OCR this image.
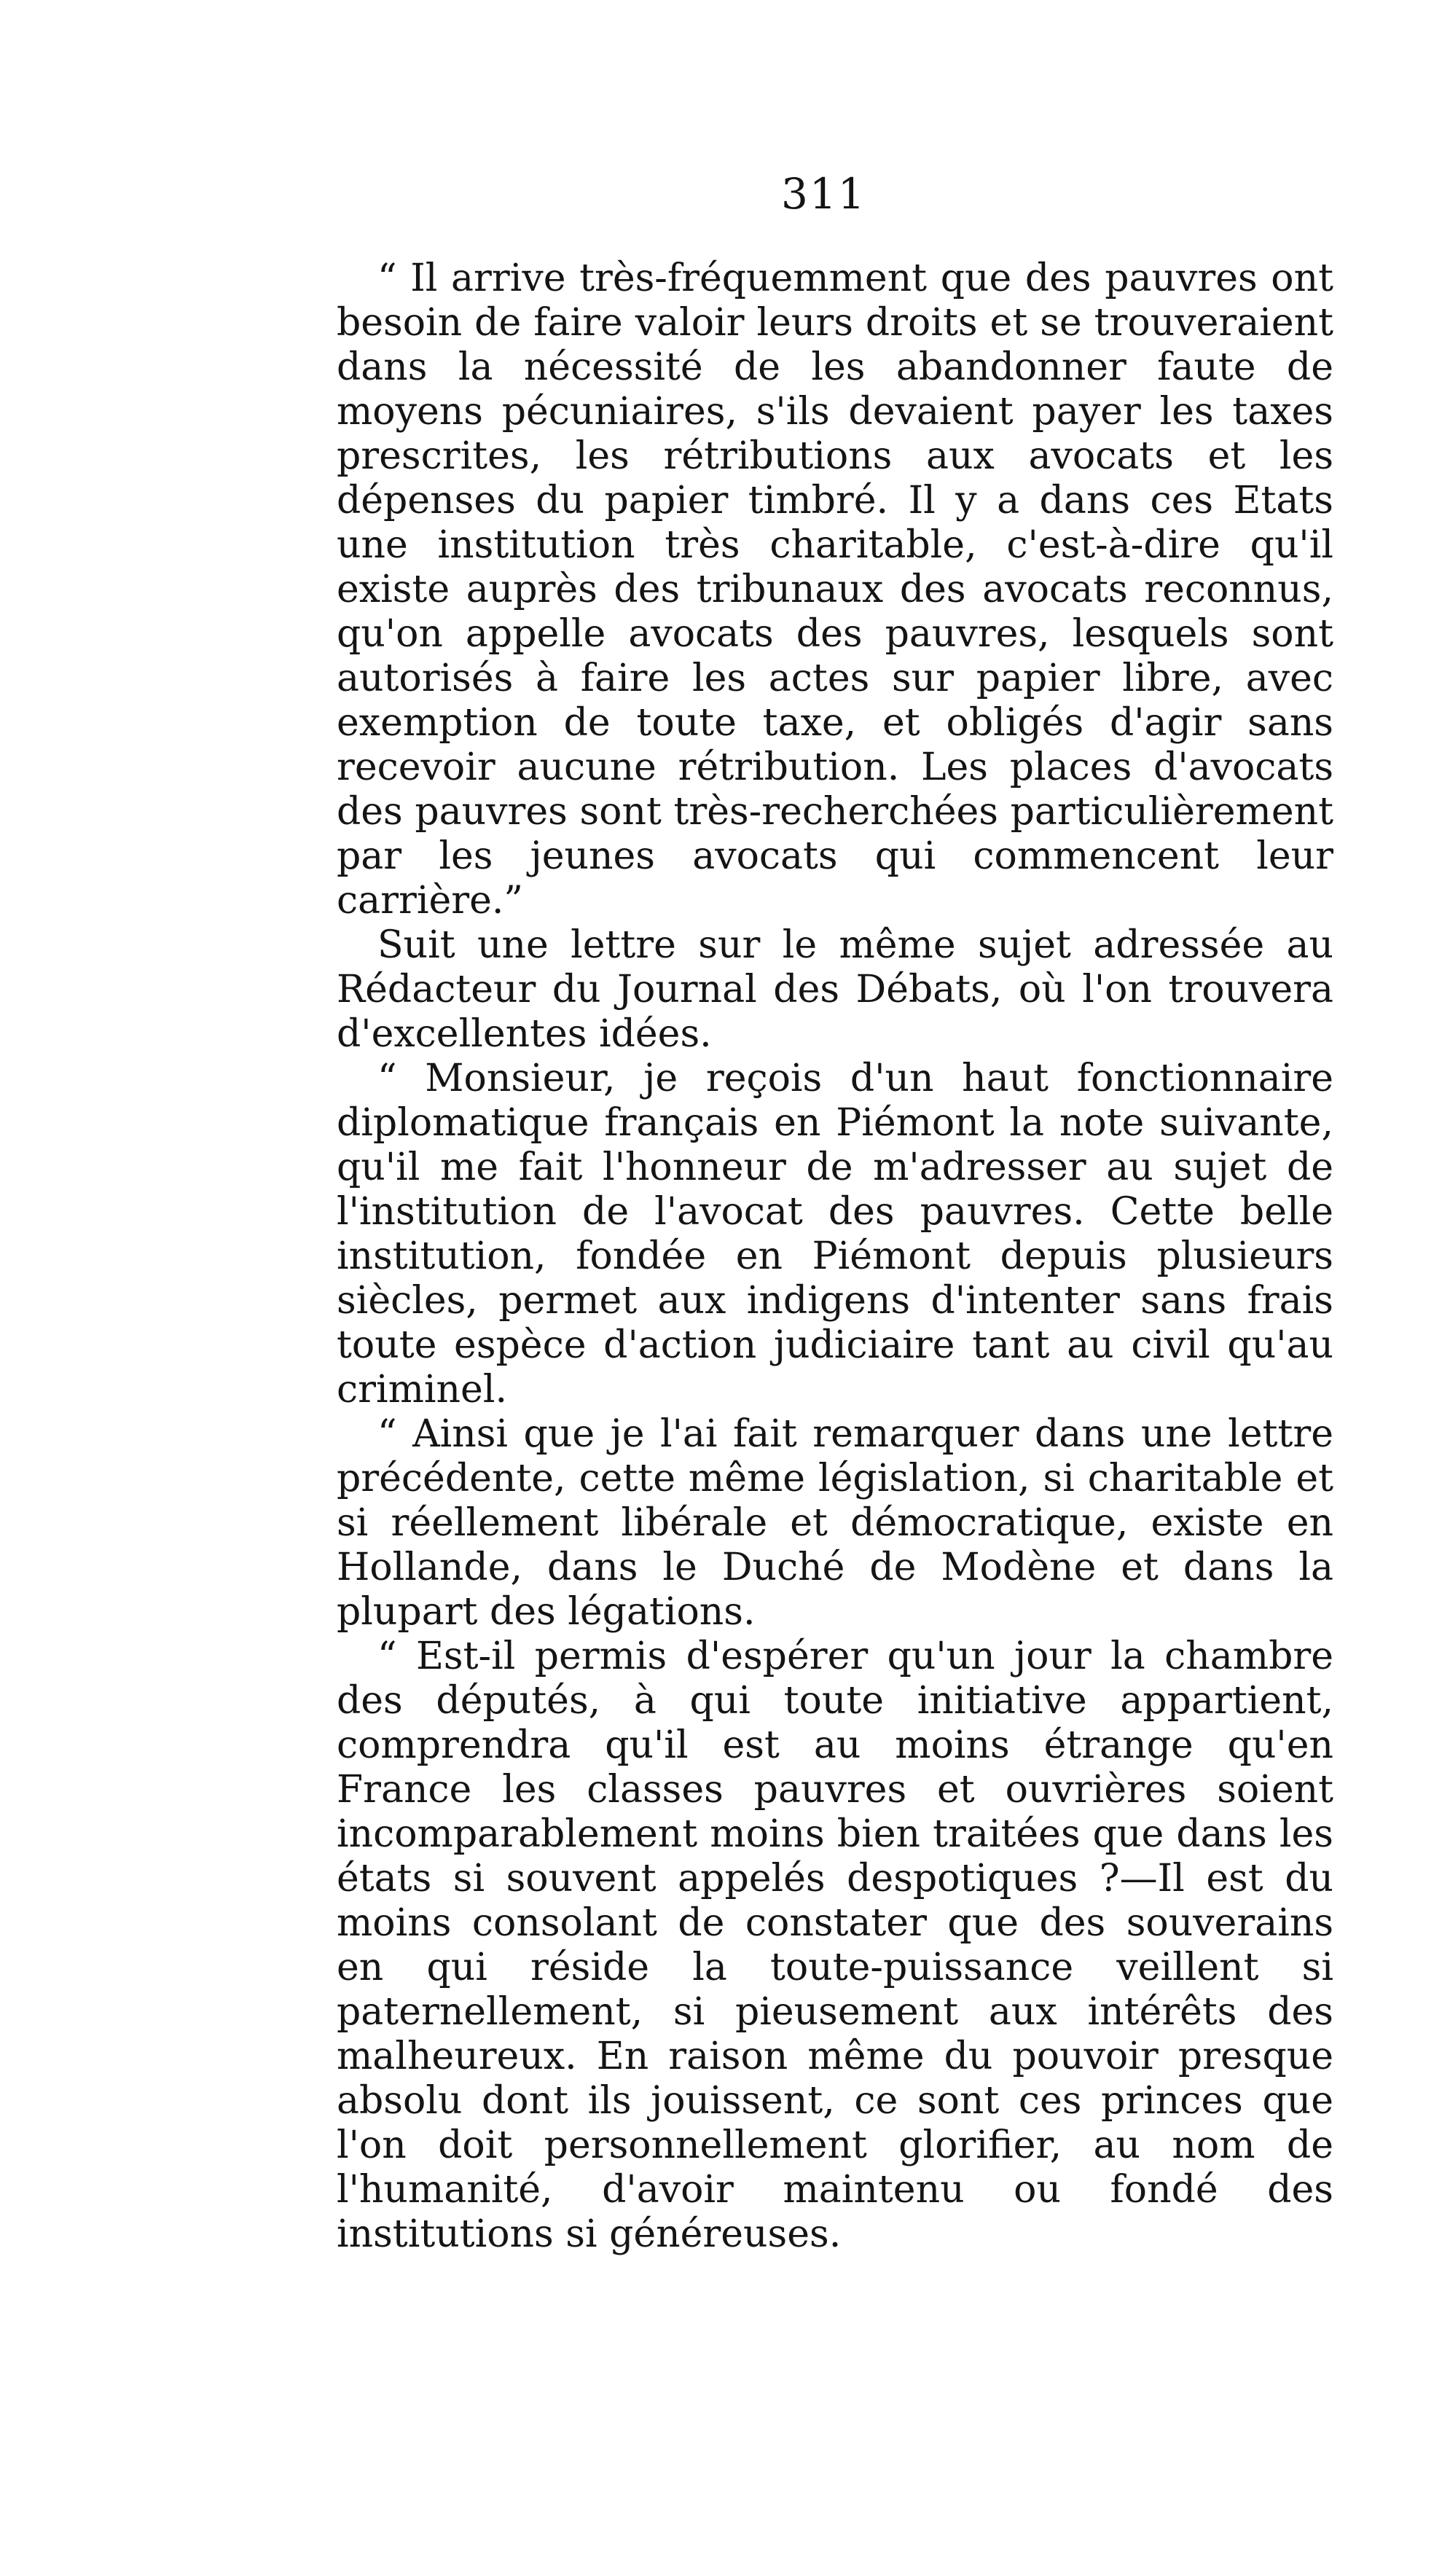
311

“ Il arrive très-fréquemment que des pauvres ont besoin de faire valoir leurs droits et se trouveraient dans la nécessité de les abandonner faute de moyens pécuniaires, s'ils devaient payer les taxes prescrites, les rétributions aux avocats et les dépenses du papier timbré. Il y a dans ces Etats une institution très charitable, c'est-à-dire qu'il existe auprès des tribunaux des avocats reconnus, qu'on appelle avocats des pauvres, lesquels sont autorisés à faire les actes sur papier libre, avec exemption de toute taxe, et obligés d'agir sans recevoir aucune rétribution. Les places d'avocats des pauvres sont très-recherchées particulièrement par les jeunes avocats qui commencent leur carrière.”

Suit une lettre sur le même sujet adressée au Rédacteur du Journal des Débats, où l'on trouvera d'excellentes idées.

“ Monsieur, je reçois d'un haut fonctionnaire diplomatique français en Piémont la note suivante, qu'il me fait l'honneur de m'adresser au sujet de l'institution de l'avocat des pauvres. Cette belle institution, fondée en Piémont depuis plusieurs siècles, permet aux indigens d'intenter sans frais toute espèce d'action judiciaire tant au civil qu'au criminel.

“ Ainsi que je l'ai fait remarquer dans une lettre précédente, cette même législation, si charitable et si réellement libérale et démocratique, existe en Hollande, dans le Duché de Modène et dans la plupart des légations.

“ Est-il permis d'espérer qu'un jour la chambre des députés, à qui toute initiative appartient, comprendra qu'il est au moins étrange qu'en France les classes pauvres et ouvrières soient incomparablement moins bien traitées que dans les états si souvent appelés despotiques ?—Il est du moins consolant de constater que des souverains en qui réside la toute-puissance veillent si paternellement, si pieusement aux intérêts des malheureux. En raison même du pouvoir presque absolu dont ils jouissent, ce sont ces princes que l'on doit personnellement glorifier, au nom de l'humanité, d'avoir maintenu ou fondé des institutions si généreuses.
